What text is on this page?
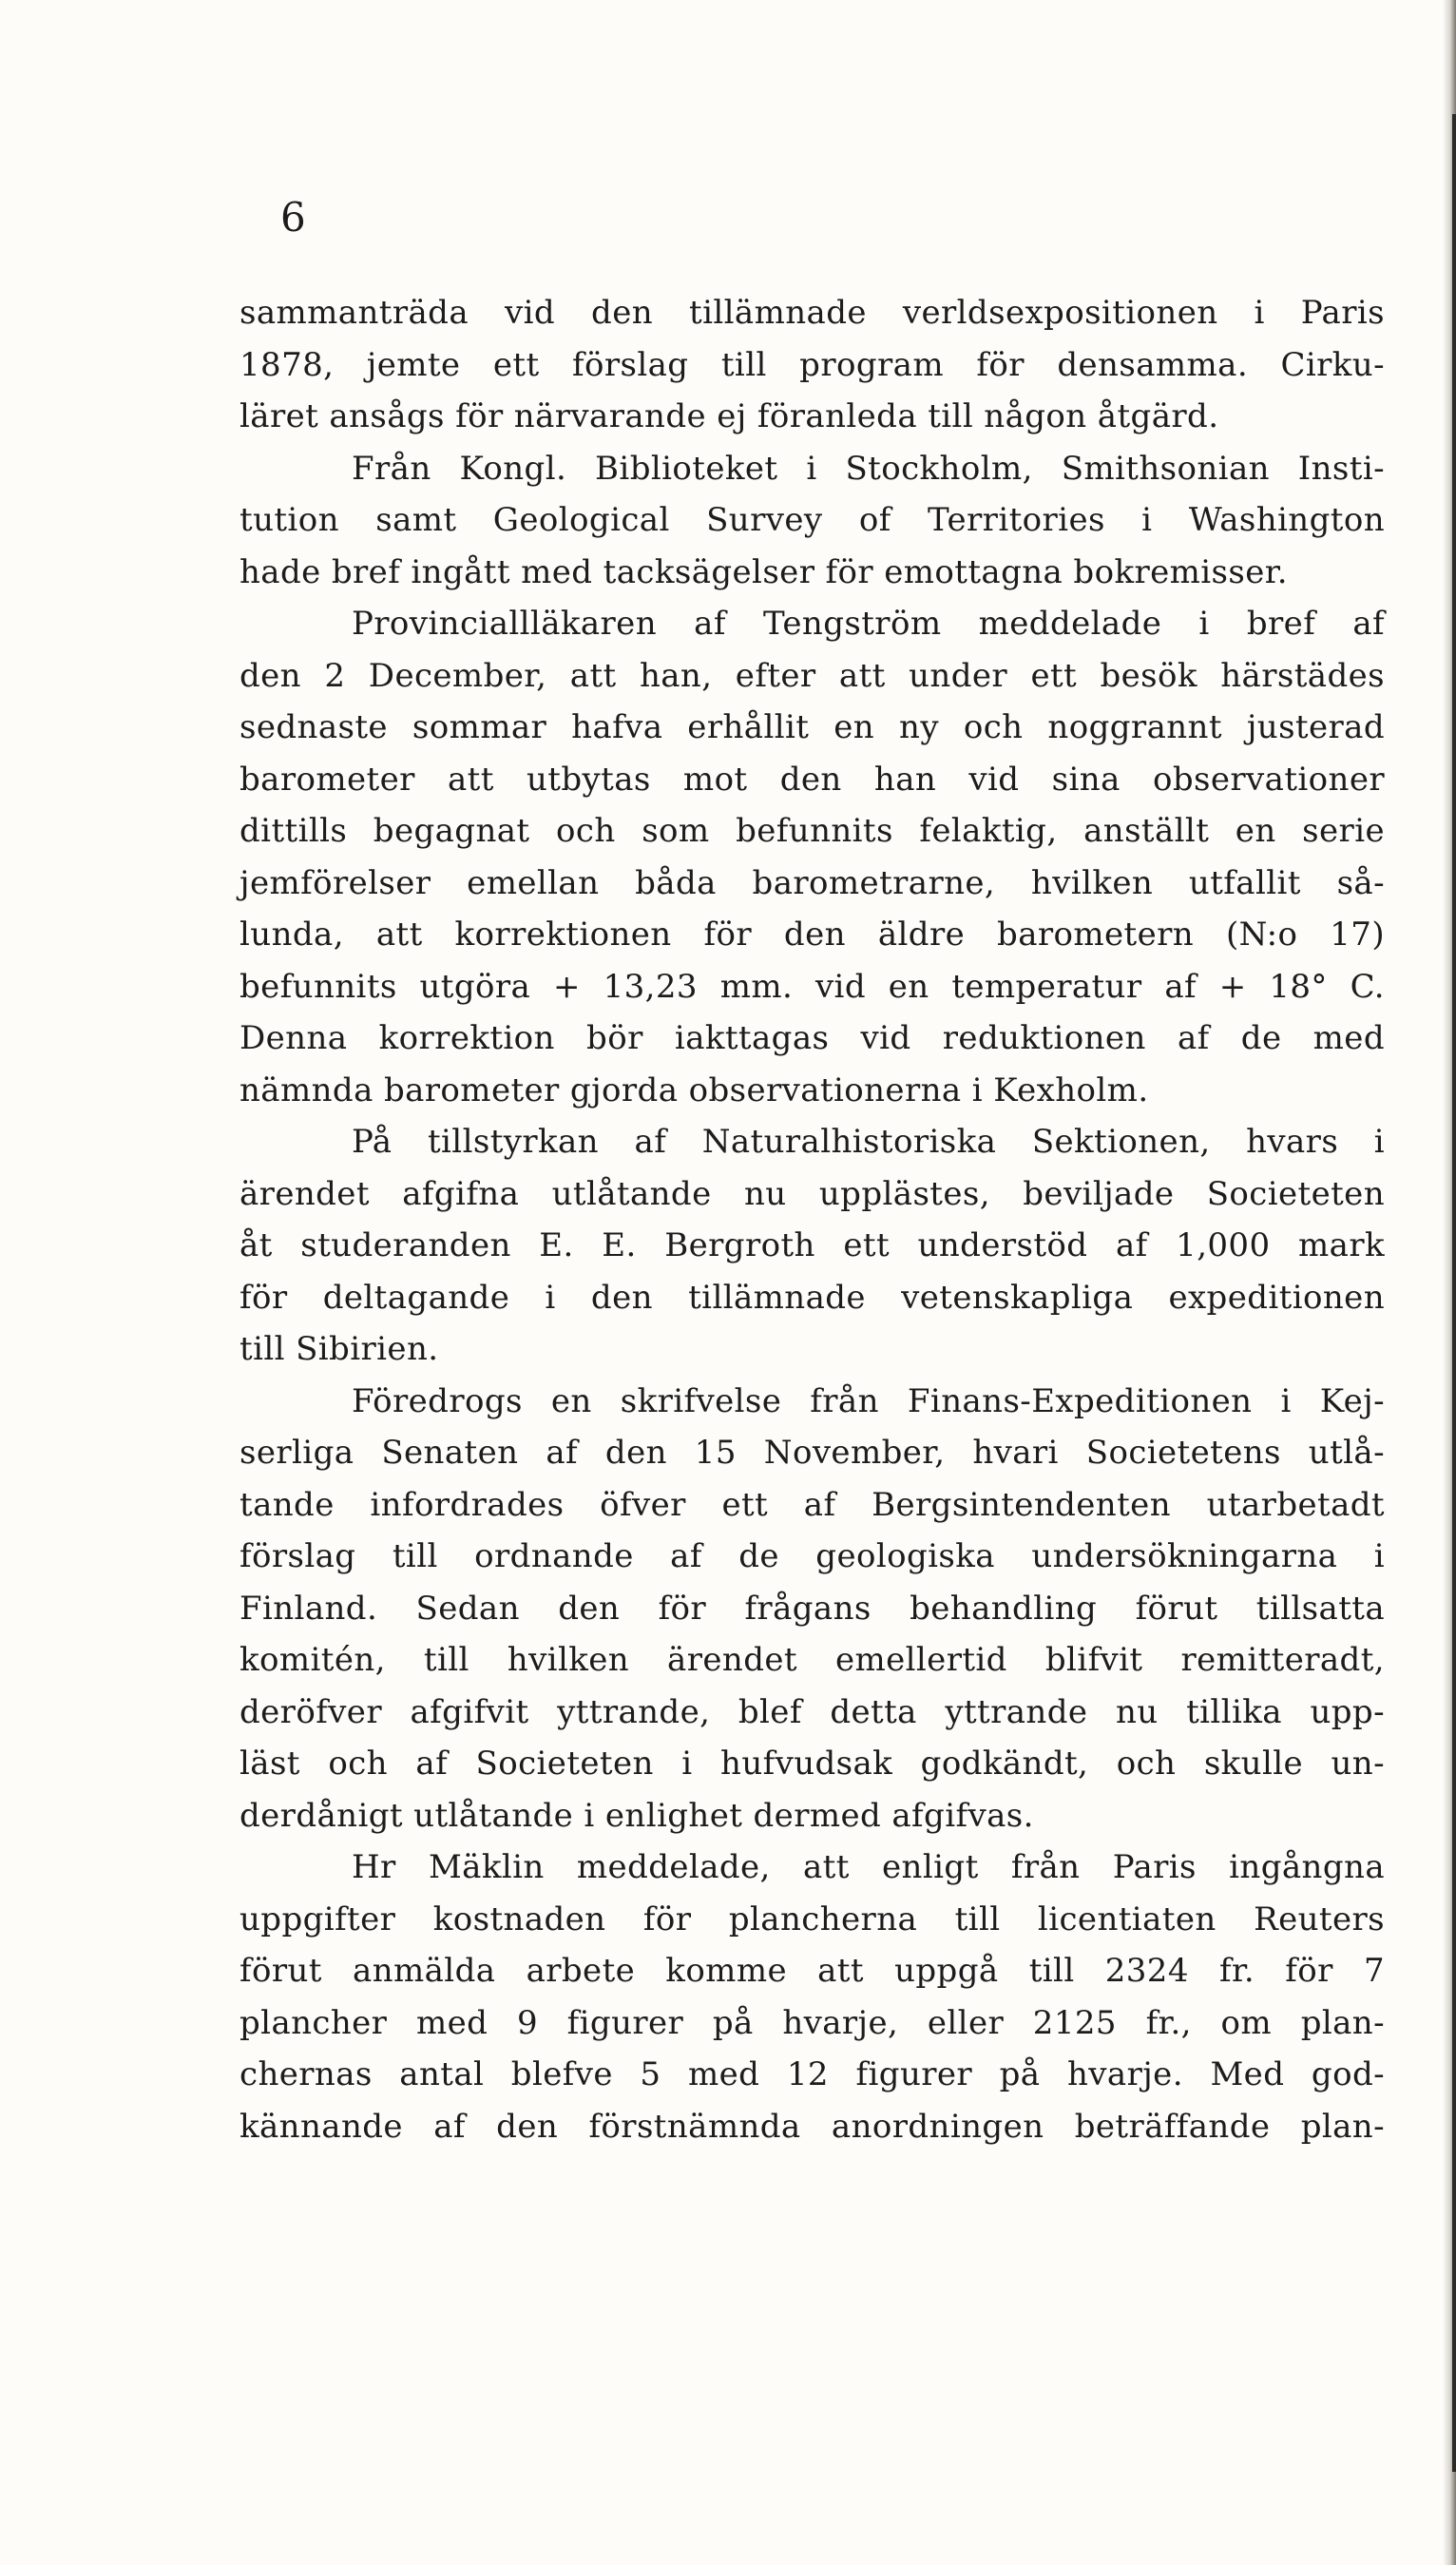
6
sammanträda vid den tillämnade verldsexpositionen i Paris
1878, jemte ett förslag till program för densamma. Cirku-
läret ansågs för närvarande ej föranleda till någon åtgärd.
Från Kongl. Biblioteket i Stockholm, Smithsonian Insti-
tution samt Geological Survey of Territories i Washington
hade bref ingått med tacksägelser för emottagna bokremisser.
Provinciallläkaren af Tengström meddelade i bref af
den 2 December, att han, efter att under ett besök härstädes
sednaste sommar hafva erhållit en ny och noggrannt justerad
barometer att utbytas mot den han vid sina observationer
dittills begagnat och som befunnits felaktig, anställt en serie
jemförelser emellan båda barometrarne, hvilken utfallit så-
lunda, att korrektionen för den äldre barometern (N:o 17)
befunnits utgöra + 13,23 mm. vid en temperatur af + 18° C.
Denna korrektion bör iakttagas vid reduktionen af de med
nämnda barometer gjorda observationerna i Kexholm.
På tillstyrkan af Naturalhistoriska Sektionen, hvars i
ärendet afgifna utlåtande nu upplästes, beviljade Societeten
åt studeranden E. E. Bergroth ett understöd af 1,000 mark
för deltagande i den tillämnade vetenskapliga expeditionen
till Sibirien.
Föredrogs en skrifvelse från Finans-Expeditionen i Kej-
serliga Senaten af den 15 November, hvari Societetens utlå-
tande infordrades öfver ett af Bergsintendenten utarbetadt
förslag till ordnande af de geologiska undersökningarna i
Finland. Sedan den för frågans behandling förut tillsatta
komitén, till hvilken ärendet emellertid blifvit remitteradt,
deröfver afgifvit yttrande, blef detta yttrande nu tillika upp-
läst och af Societeten i hufvudsak godkändt, och skulle un-
derdånigt utlåtande i enlighet dermed afgifvas.
Hr Mäklin meddelade, att enligt från Paris ingångna
uppgifter kostnaden för plancherna till licentiaten Reuters
förut anmälda arbete komme att uppgå till 2324 fr. för 7
plancher med 9 figurer på hvarje, eller 2125 fr., om plan-
chernas antal blefve 5 med 12 figurer på hvarje. Med god-
kännande af den förstnämnda anordningen beträffande plan-
